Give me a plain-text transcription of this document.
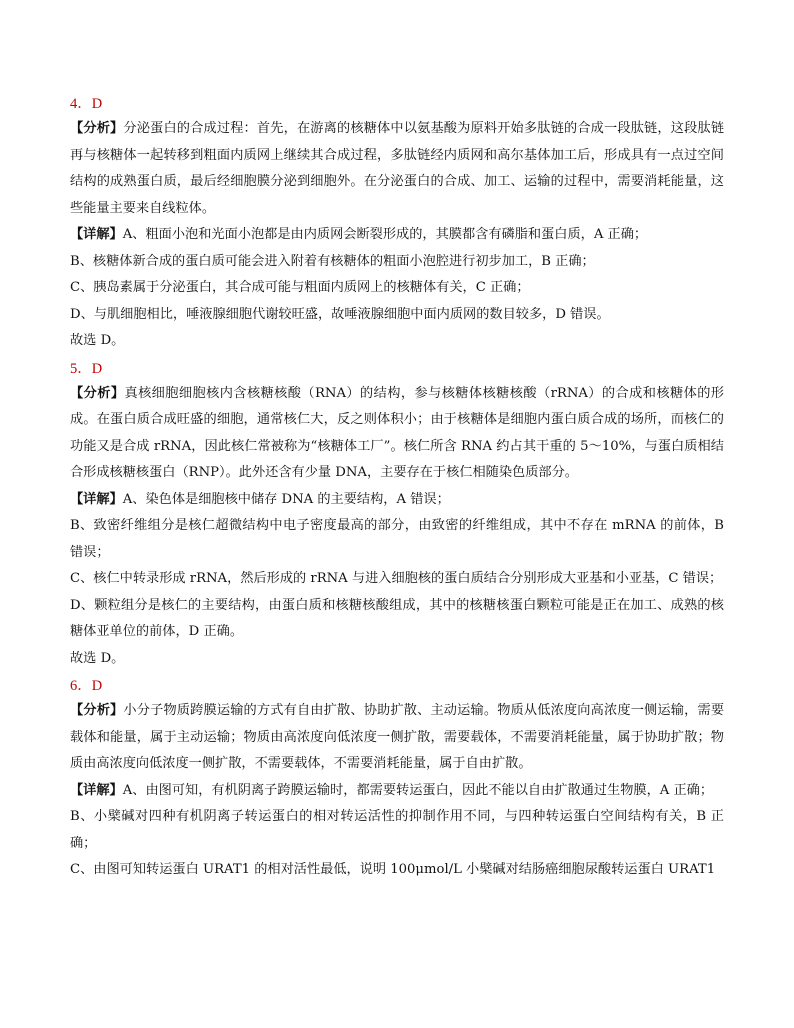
4．D

【分析】分泌蛋白的合成过程：首先，在游离的核糖体中以氨基酸为原料开始多肽链的合成一段肽链，这段肽链再与核糖体一起转移到粗面内质网上继续其合成过程，多肽链经内质网和高尔基体加工后，形成具有一点过空间结构的成熟蛋白质，最后经细胞膜分泌到细胞外。在分泌蛋白的合成、加工、运输的过程中，需要消耗能量，这些能量主要来自线粒体。

【详解】A、粗面小泡和光面小泡都是由内质网会断裂形成的，其膜都含有磷脂和蛋白质，A 正确；

B、核糖体新合成的蛋白质可能会进入附着有核糖体的粗面小泡腔进行初步加工，B 正确；

C、胰岛素属于分泌蛋白，其合成可能与粗面内质网上的核糖体有关，C 正确；

D、与肌细胞相比，唾液腺细胞代谢较旺盛，故唾液腺细胞中面内质网的数目较多，D 错误。

故选 D。

5．D

【分析】真核细胞细胞核内含核糖核酸（RNA）的结构，参与核糖体核糖核酸（rRNA）的合成和核糖体的形成。在蛋白质合成旺盛的细胞，通常核仁大，反之则体积小；由于核糖体是细胞内蛋白质合成的场所，而核仁的功能又是合成 rRNA，因此核仁常被称为“核糖体工厂”。核仁所含 RNA 约占其干重的 5～10%，与蛋白质相结合形成核糖核蛋白（RNP）。此外还含有少量 DNA，主要存在于核仁相随染色质部分。

【详解】A、染色体是细胞核中储存 DNA 的主要结构，A 错误；

B、致密纤维组分是核仁超微结构中电子密度最高的部分，由致密的纤维组成，其中不存在 mRNA 的前体，B 错误；

C、核仁中转录形成 rRNA，然后形成的 rRNA 与进入细胞核的蛋白质结合分别形成大亚基和小亚基，C 错误；

D、颗粒组分是核仁的主要结构，由蛋白质和核糖核酸组成，其中的核糖核蛋白颗粒可能是正在加工、成熟的核糖体亚单位的前体，D 正确。

故选 D。

6．D

【分析】小分子物质跨膜运输的方式有自由扩散、协助扩散、主动运输。物质从低浓度向高浓度一侧运输，需要载体和能量，属于主动运输；物质由高浓度向低浓度一侧扩散，需要载体，不需要消耗能量，属于协助扩散；物质由高浓度向低浓度一侧扩散，不需要载体，不需要消耗能量，属于自由扩散。

【详解】A、由图可知，有机阴离子跨膜运输时，都需要转运蛋白，因此不能以自由扩散通过生物膜，A 正确；

B、小檗碱对四种有机阴离子转运蛋白的相对转运活性的抑制作用不同，与四种转运蛋白空间结构有关，B 正确；

C、由图可知转运蛋白 URAT1 的相对活性最低，说明 100μmol/L 小檗碱对结肠癌细胞尿酸转运蛋白 URAT1
